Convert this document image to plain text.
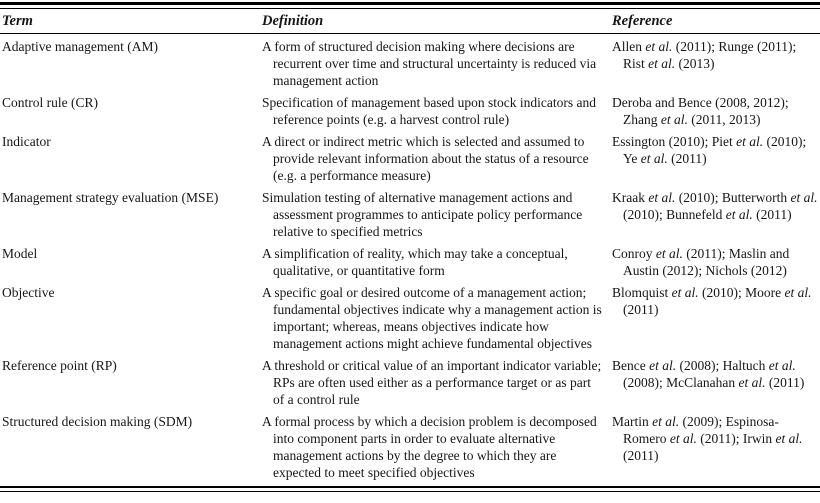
Term	Definition	Reference
Adaptive management (AM)	A form of structured decision making where decisions are recurrent over time and structural uncertainty is reduced via management action	Allen et al. (2011); Runge (2011); Rist et al. (2013)
Control rule (CR)	Specification of management based upon stock indicators and reference points (e.g. a harvest control rule)	Deroba and Bence (2008, 2012); Zhang et al. (2011, 2013)
Indicator	A direct or indirect metric which is selected and assumed to provide relevant information about the status of a resource (e.g. a performance measure)	Essington (2010); Piet et al. (2010); Ye et al. (2011)
Management strategy evaluation (MSE)	Simulation testing of alternative management actions and assessment programmes to anticipate policy performance relative to specified metrics	Kraak et al. (2010); Butterworth et al. (2010); Bunnefeld et al. (2011)
Model	A simplification of reality, which may take a conceptual, qualitative, or quantitative form	Conroy et al. (2011); Maslin and Austin (2012); Nichols (2012)
Objective	A specific goal or desired outcome of a management action; fundamental objectives indicate why a management action is important; whereas, means objectives indicate how management actions might achieve fundamental objectives	Blomquist et al. (2010); Moore et al. (2011)
Reference point (RP)	A threshold or critical value of an important indicator variable; RPs are often used either as a performance target or as part of a control rule	Bence et al. (2008); Haltuch et al. (2008); McClanahan et al. (2011)
Structured decision making (SDM)	A formal process by which a decision problem is decomposed into component parts in order to evaluate alternative management actions by the degree to which they are expected to meet specified objectives	Martin et al. (2009); Espinosa-Romero et al. (2011); Irwin et al. (2011)
